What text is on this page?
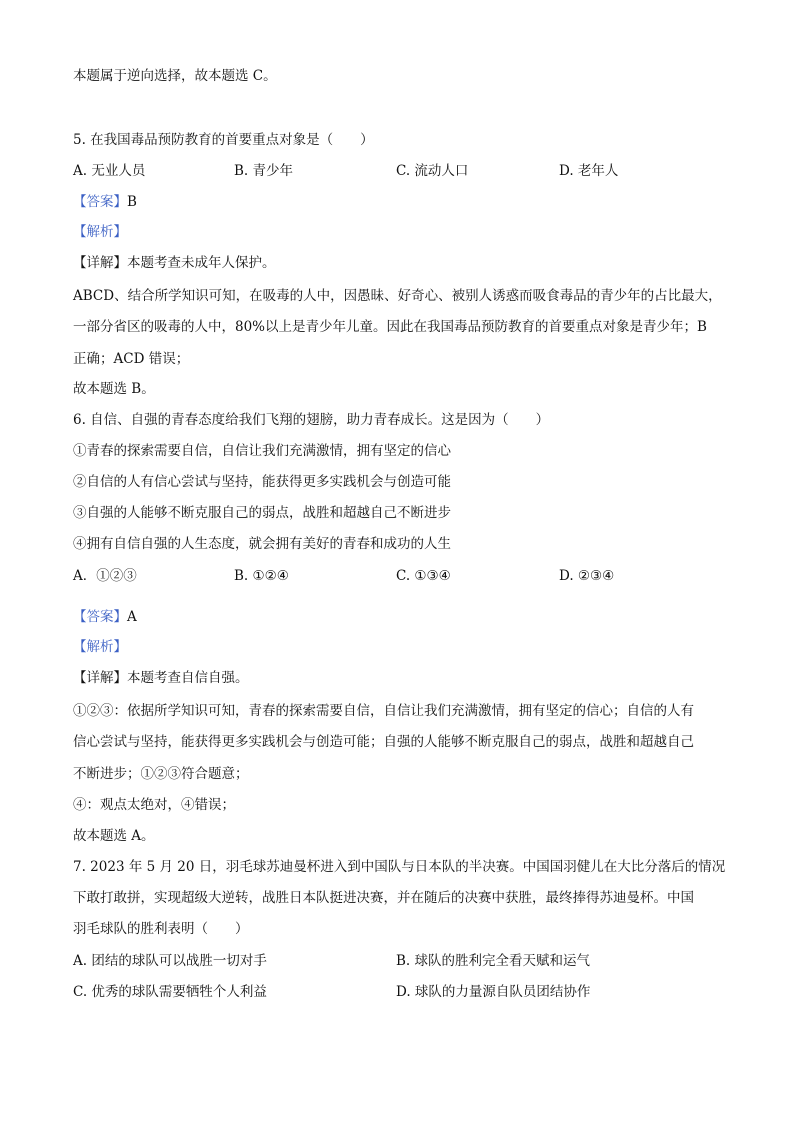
本题属于逆向选择，故本题选 C。
5. 在我国毒品预防教育的首要重点对象是（　　）
A. 无业人员	B. 青少年	C. 流动人口	D. 老年人
【答案】B
【解析】
【详解】本题考查未成年人保护。
ABCD、结合所学知识可知，在吸毒的人中，因愚昧、好奇心、被别人诱惑而吸食毒品的青少年的占比最大，
一部分省区的吸毒的人中，80%以上是青少年儿童。因此在我国毒品预防教育的首要重点对象是青少年；B
正确；ACD 错误；
故本题选 B。
6. 自信、自强的青春态度给我们飞翔的翅膀，助力青春成长。这是因为（　　）
①青春的探索需要自信，自信让我们充满激情，拥有坚定的信心
②自信的人有信心尝试与坚持，能获得更多实践机会与创造可能
③自强的人能够不断克服自己的弱点，战胜和超越自己不断进步
④拥有自信自强的人生态度，就会拥有美好的青春和成功的人生
A．①②③	B. ①②④	C. ①③④	D. ②③④
【答案】A
【解析】
【详解】本题考查自信自强。
①②③：依据所学知识可知，青春的探索需要自信，自信让我们充满激情，拥有坚定的信心；自信的人有
信心尝试与坚持，能获得更多实践机会与创造可能；自强的人能够不断克服自己的弱点，战胜和超越自己
不断进步；①②③符合题意；
④：观点太绝对，④错误；
故本题选 A。
7. 2023 年 5 月 20 日，羽毛球苏迪曼杯进入到中国队与日本队的半决赛。中国国羽健儿在大比分落后的情况
下敢打敢拼，实现超级大逆转，战胜日本队挺进决赛，并在随后的决赛中获胜，最终捧得苏迪曼杯。中国
羽毛球队的胜利表明（　　）
A. 团结的球队可以战胜一切对手	B. 球队的胜利完全看天赋和运气
C. 优秀的球队需要牺牲个人利益	D. 球队的力量源自队员团结协作
